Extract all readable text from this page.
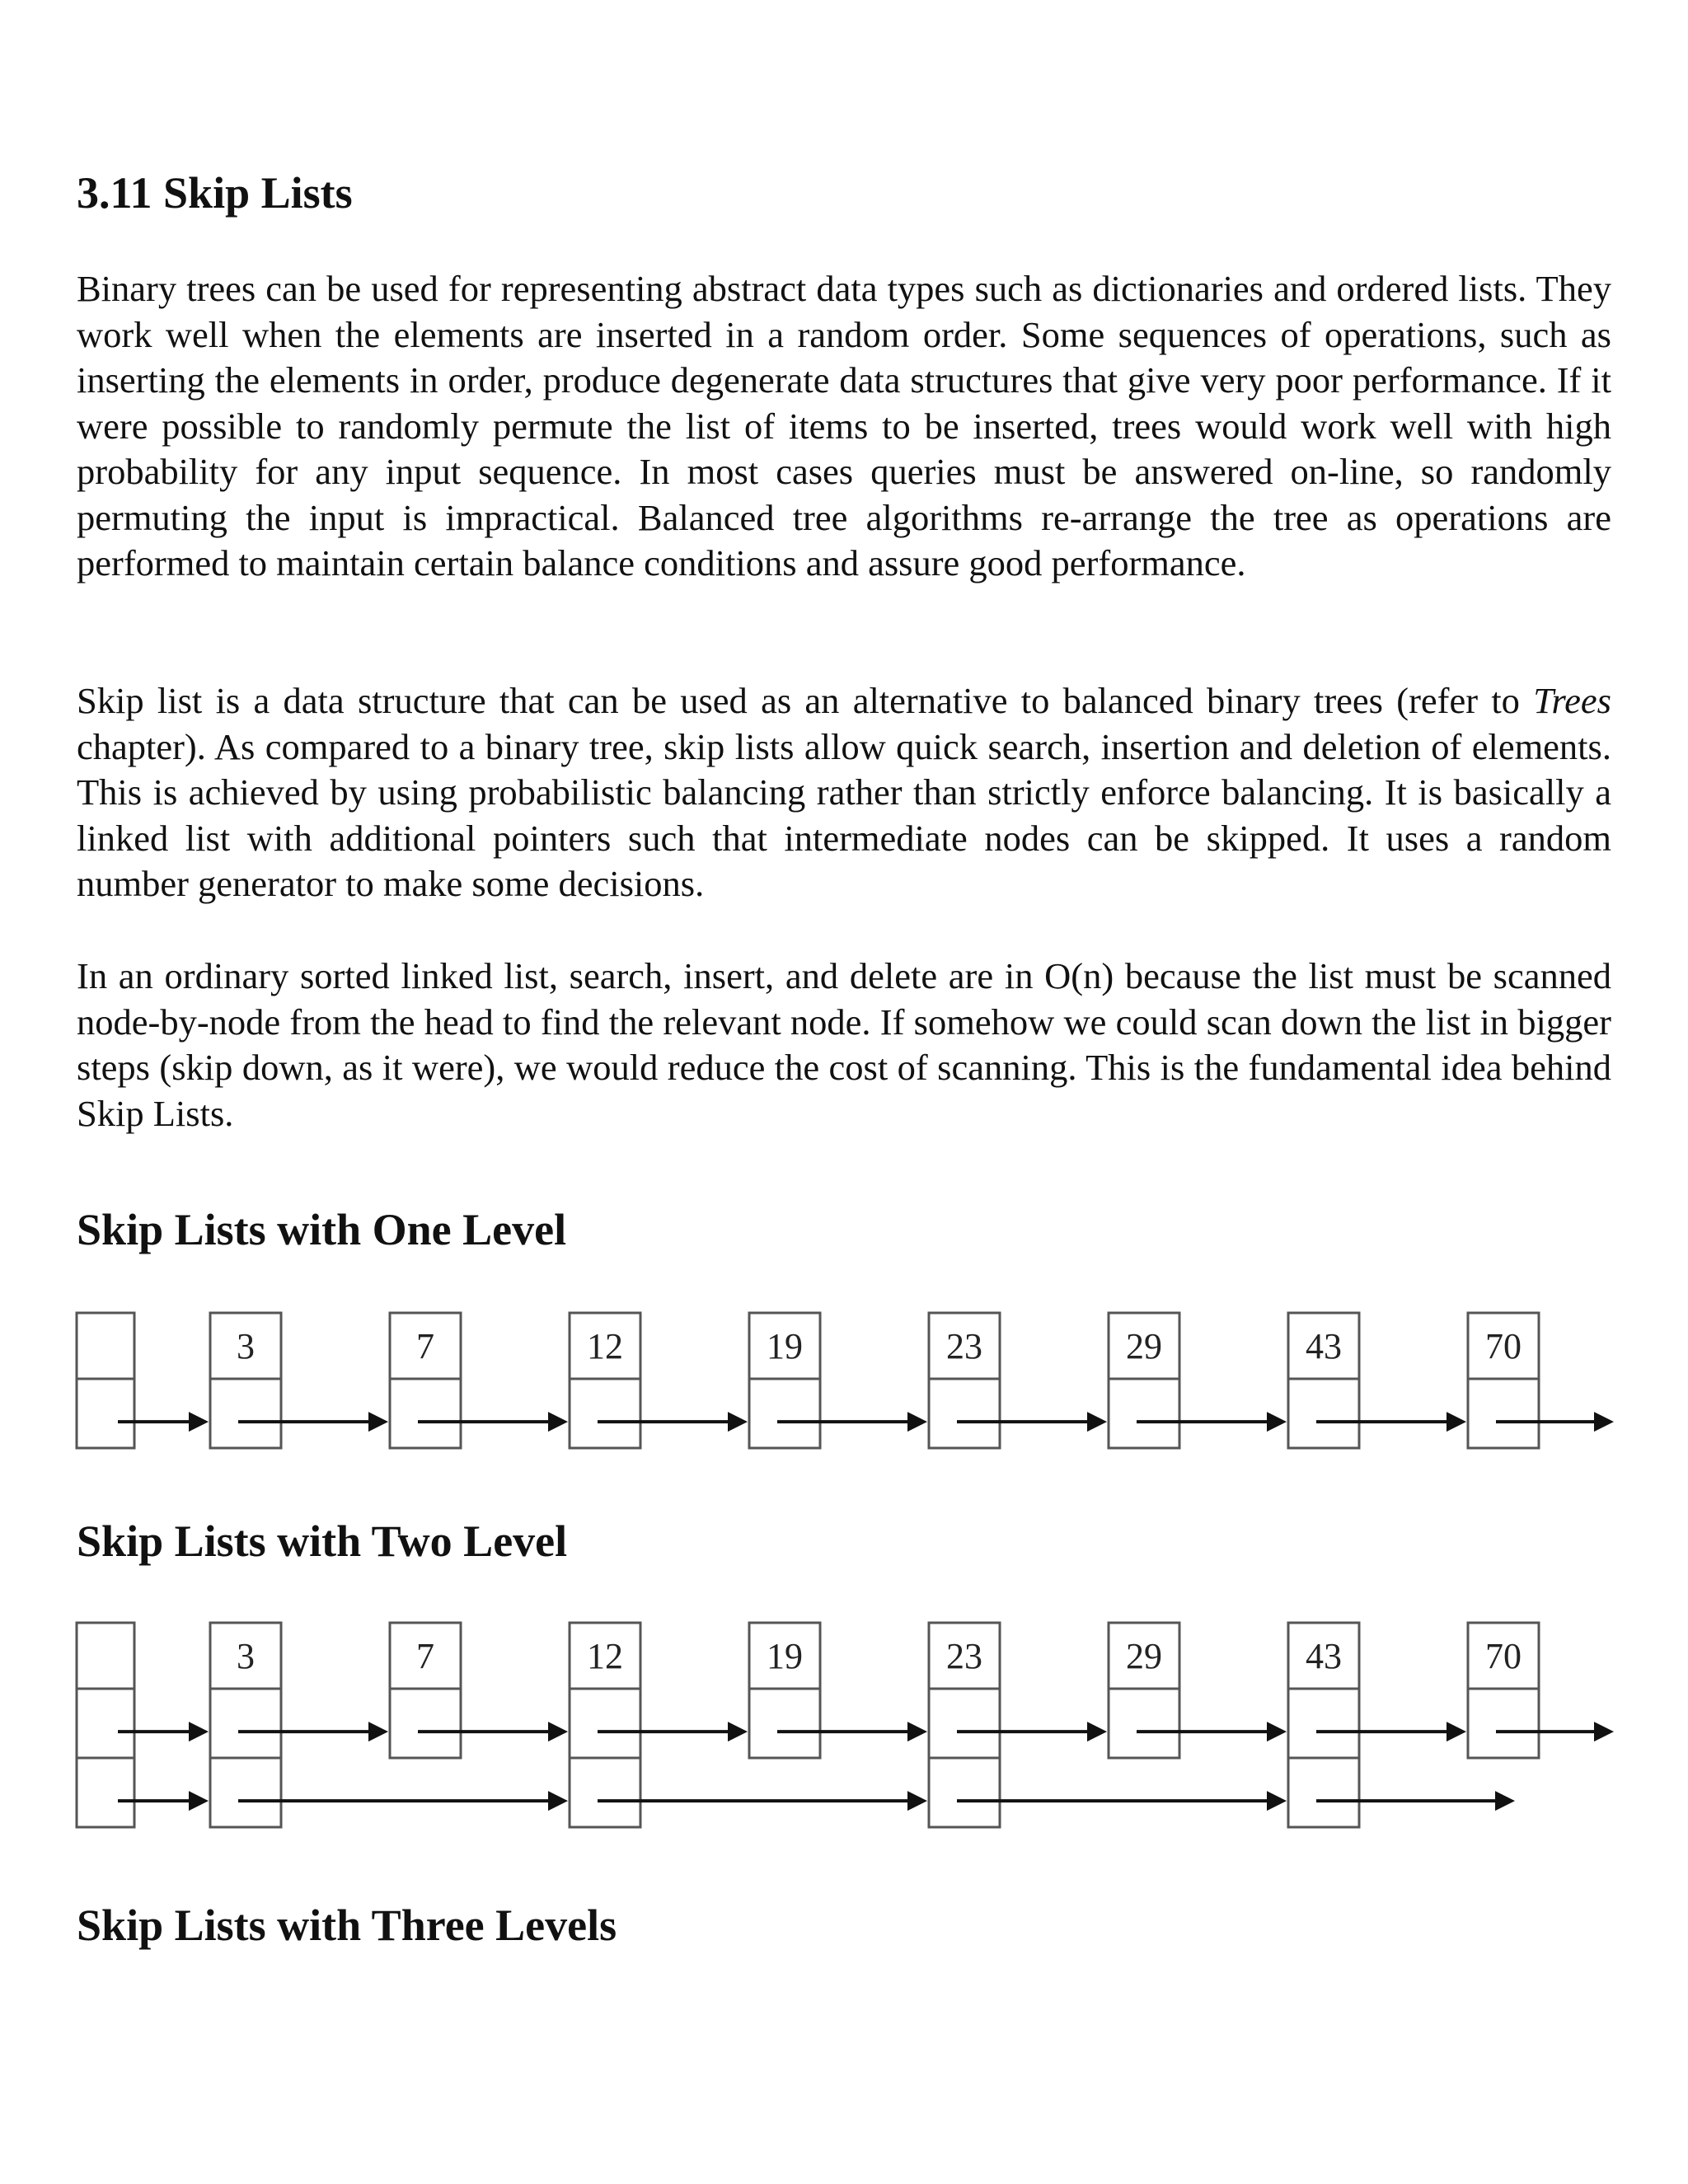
3.11 Skip Lists

Binary trees can be used for representing abstract data types such as dictionaries and ordered lists. They work well when the elements are inserted in a random order. Some sequences of operations, such as inserting the elements in order, produce degenerate data structures that give very poor performance. If it were possible to randomly permute the list of items to be inserted, trees would work well with high probability for any input sequence. In most cases queries must be answered on-line, so randomly permuting the input is impractical. Balanced tree algorithms re-arrange the tree as operations are performed to maintain certain balance conditions and assure good performance.

Skip list is a data structure that can be used as an alternative to balanced binary trees (refer to Trees chapter). As compared to a binary tree, skip lists allow quick search, insertion and deletion of elements. This is achieved by using probabilistic balancing rather than strictly enforce balancing. It is basically a linked list with additional pointers such that intermediate nodes can be skipped. It uses a random number generator to make some decisions.

In an ordinary sorted linked list, search, insert, and delete are in O(n) because the list must be scanned node-by-node from the head to find the relevant node. If somehow we could scan down the list in bigger steps (skip down, as it were), we would reduce the cost of scanning. This is the fundamental idea behind Skip Lists.

Skip Lists with One Level
3	7	12	19	23	29	43	70
Skip Lists with Two Level
3	7	12	19	23	29	43	70
Skip Lists with Three Levels
